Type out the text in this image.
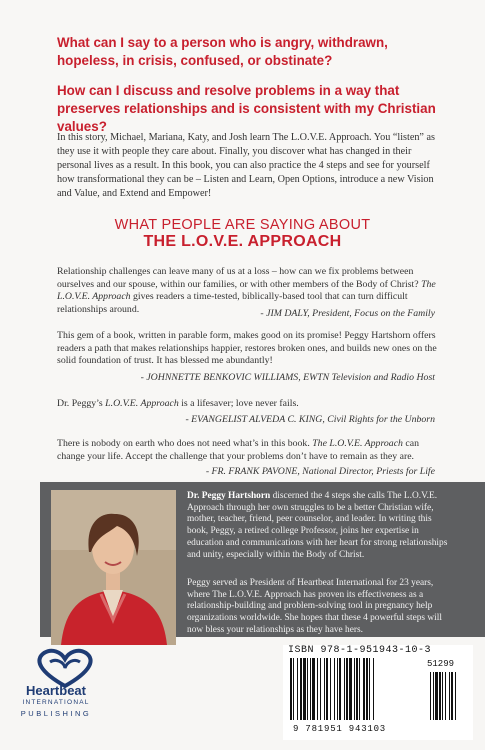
What can I say to a person who is angry, withdrawn, hopeless, in crisis, confused, or obstinate?
How can I discuss and resolve problems in a way that preserves relationships and is consistent with my Christian values?
In this story, Michael, Mariana, Katy, and Josh learn The L.O.V.E. Approach. You “listen” as they use it with people they care about. Finally, you discover what has changed in their personal lives as a result. In this book, you can also practice the 4 steps and see for yourself how transformational they can be – Listen and Learn, Open Options, introduce a new Vision and Value, and Extend and Empower!
WHAT PEOPLE ARE SAYING ABOUT
THE L.O.V.E. APPROACH
Relationship challenges can leave many of us at a loss – how can we fix problems between ourselves and our spouse, within our families, or with other members of the Body of Christ? The L.O.V.E. Approach gives readers a time-tested, biblically-based tool that can turn difficult relationships around.	- JIM DALY, President, Focus on the Family
This gem of a book, written in parable form, makes good on its promise! Peggy Hartshorn offers readers a path that makes relationships happier, restores broken ones, and builds new ones on the solid foundation of trust. It has blessed me abundantly!
- JOHNNETTE BENKOVIC WILLIAMS, EWTN Television and Radio Host
Dr. Peggy’s L.O.V.E. Approach is a lifesaver; love never fails.
- EVANGELIST ALVEDA C. KING, Civil Rights for the Unborn
There is nobody on earth who does not need what’s in this book. The L.O.V.E. Approach can change your life. Accept the challenge that your problems don’t have to remain as they are.
- FR. FRANK PAVONE, National Director, Priests for Life
Dr. Peggy Hartshorn discerned the 4 steps she calls The L.O.V.E. Approach through her own struggles to be a better Christian wife, mother, teacher, friend, peer counselor, and leader. In writing this book, Peggy, a retired college Professor, joins her expertise in education and communications with her heart for strong relationships and unity, especially within the Body of Christ.
Peggy served as President of Heartbeat International for 23 years, where The L.O.V.E. Approach has proven its effectiveness as a relationship-building and problem-solving tool in pregnancy help organizations worldwide. She hopes that these 4 powerful steps will now bless your relationships as they have hers.
Heartbeat
INTERNATIONAL
PUBLISHING
ISBN 978-1-951943-10-3
9 781951 943103
51299
